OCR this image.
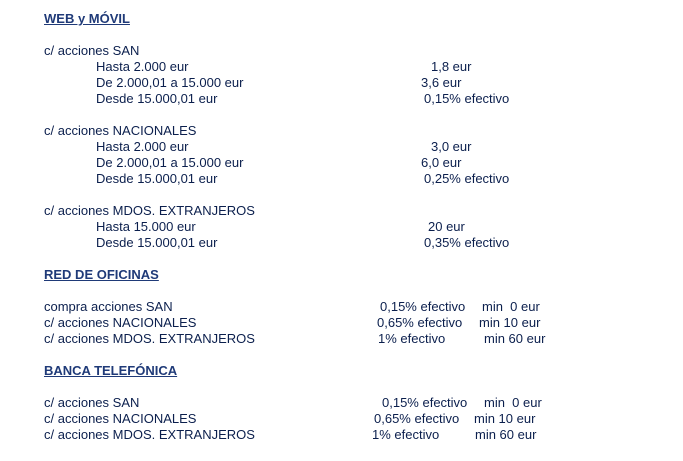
WEB y MÓVIL
c/ acciones SAN
Hasta 2.000 eur	1,8 eur
De 2.000,01 a 15.000 eur	3,6 eur
Desde 15.000,01 eur	0,15% efectivo
c/ acciones NACIONALES
Hasta 2.000 eur	3,0 eur
De 2.000,01 a 15.000 eur	6,0 eur
Desde 15.000,01 eur	0,25% efectivo
c/ acciones MDOS. EXTRANJEROS
Hasta 15.000 eur	20 eur
Desde 15.000,01 eur	0,35% efectivo
RED DE OFICINAS
compra acciones SAN	0,15% efectivo min  0 eur
c/ acciones NACIONALES	0,65% efectivo min 10 eur
c/ acciones MDOS. EXTRANJEROS	1% efectivo	min 60 eur
BANCA TELEFÓNICA
c/ acciones SAN	0,15% efectivo min  0 eur
c/ acciones NACIONALES	0,65% efectivo min 10 eur
c/ acciones MDOS. EXTRANJEROS	1% efectivo	min 60 eur
